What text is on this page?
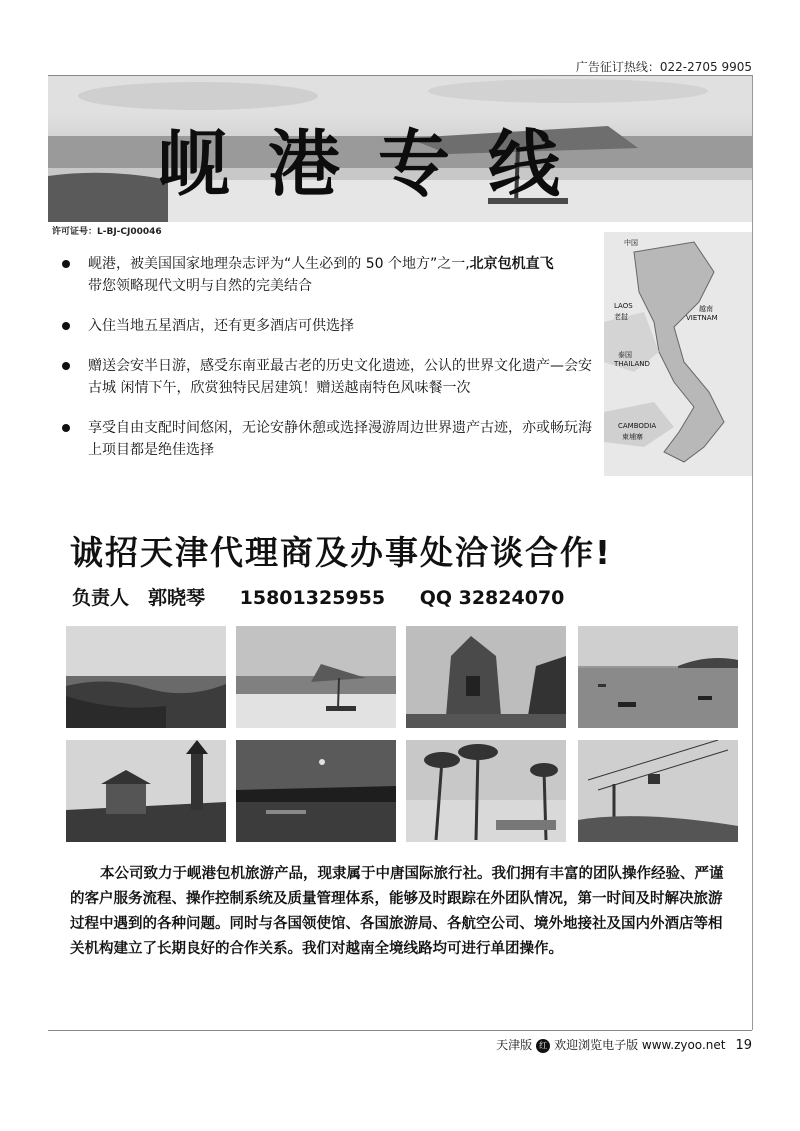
广告征订热线：022-2705 9905
岘港专线
许可证号：L-BJ-CJ00046
岘港，被美国国家地理杂志评为“人生必到的 50 个地方”之一,北京包机直飞
带您领略现代文明与自然的完美结合
入住当地五星酒店，还有更多酒店可供选择
赠送会安半日游，感受东南亚最古老的历史文化遗迹，公认的世界文化遗产—会安古城 闲情下午，欣赏独特民居建筑！赠送越南特色风味餐一次
享受自由支配时间悠闲，无论安静休憩或选择漫游周边世界遗产古迹，亦或畅玩海上项目都是绝佳选择
中国
LAOS
老挝
越南
VIETNAM
泰国
THAILAND
CAMBODIA
柬埔寨
诚招天津代理商及办事处洽谈合作!
负责人　郭晓琴 15801325955 QQ 32824070
本公司致力于岘港包机旅游产品，现隶属于中唐国际旅行社。我们拥有丰富的团队操作经验、严谨的客户服务流程、操作控制系统及质量管理体系，能够及时跟踪在外团队情况，第一时间及时解决旅游过程中遇到的各种问题。同时与各国领使馆、各国旅游局、各航空公司、境外地接社及国内外酒店等相关机构建立了长期良好的合作关系。我们对越南全境线路均可进行单团操作。
天津版 红 欢迎浏览电子版 www.zyoo.net 19
